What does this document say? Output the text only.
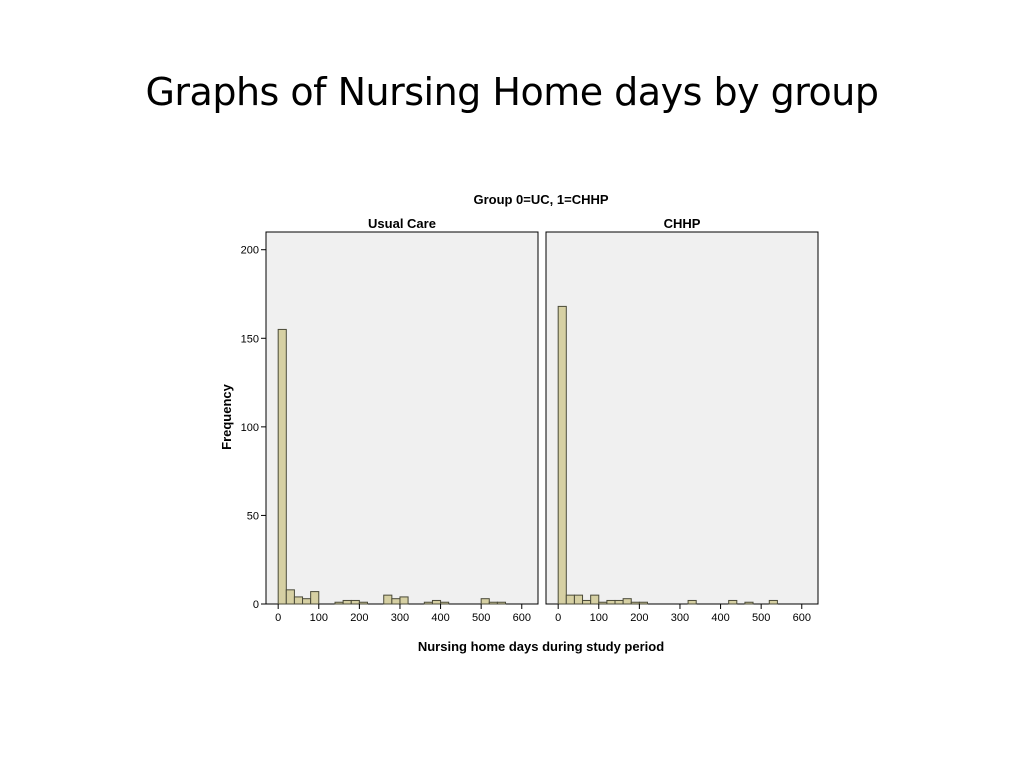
Graphs of Nursing Home days by group
Group 0=UC, 1=CHHP
Frequency
Nursing home days during study period
Usual Care
0	100 200 300 400 500 600
0
50
100
150
200
CHHP
0	100 200 300 400 500 600
